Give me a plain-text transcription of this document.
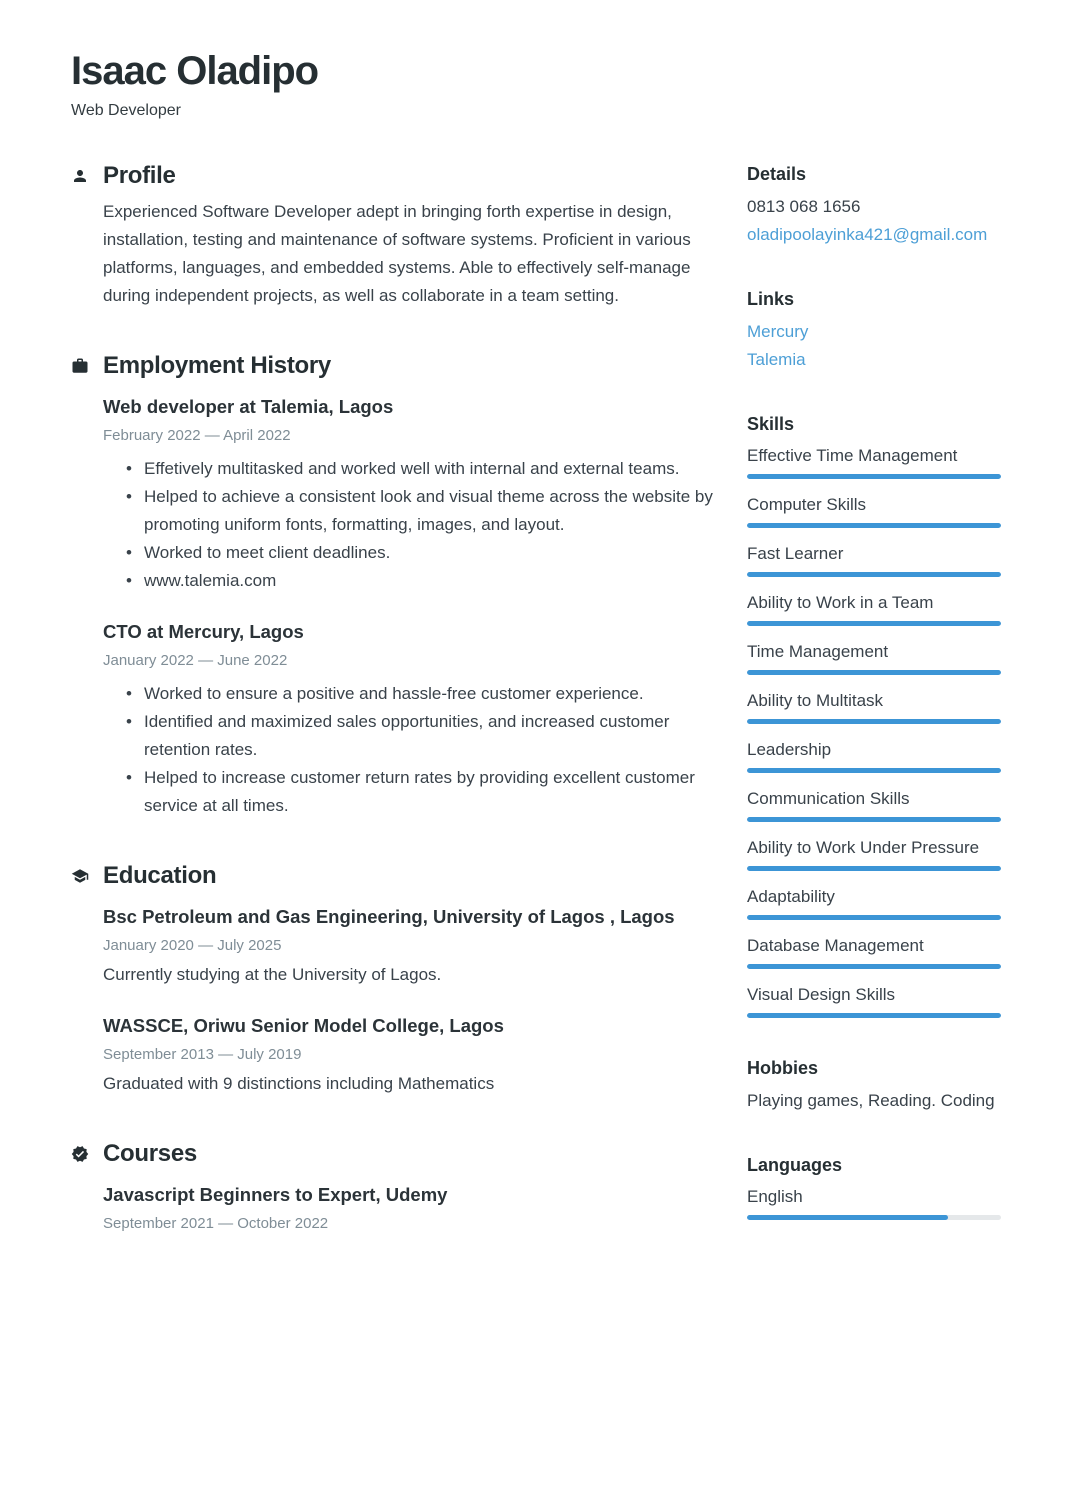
Isaac Oladipo
Web Developer
Profile

Experienced Software Developer adept in bringing forth expertise in design, installation, testing and maintenance of software systems. Proficient in various platforms, languages, and embedded systems. Able to effectively self-manage during independent projects, as well as collaborate in a team setting.

Employment History
Web developer at Talemia, Lagos
February 2022 — April 2022
• Effetively multitasked and worked well with internal and external teams.
• Helped to achieve a consistent look and visual theme across the website by promoting uniform fonts, formatting, images, and layout.
• Worked to meet client deadlines.
• www.talemia.com
CTO at Mercury, Lagos
January 2022 — June 2022
• Worked to ensure a positive and hassle-free customer experience.
• Identified and maximized sales opportunities, and increased customer retention rates.
• Helped to increase customer return rates by providing excellent customer service at all times.
Education
Bsc Petroleum and Gas Engineering, University of Lagos , Lagos
January 2020 — July 2025

Currently studying at the University of Lagos.

WASSCE, Oriwu Senior Model College, Lagos
September 2013 — July 2019

Graduated with 9 distinctions including Mathematics

Courses
Javascript Beginners to Expert, Udemy
September 2021 — October 2022
Details
0813 068 1656
oladipoolayinka421@gmail.com
Links
Mercury
Talemia
Skills
Effective Time Management
Computer Skills
Fast Learner
Ability to Work in a Team
Time Management
Ability to Multitask
Leadership
Communication Skills
Ability to Work Under Pressure
Adaptability
Database Management
Visual Design Skills
Hobbies
Playing games, Reading. Coding
Languages
English
